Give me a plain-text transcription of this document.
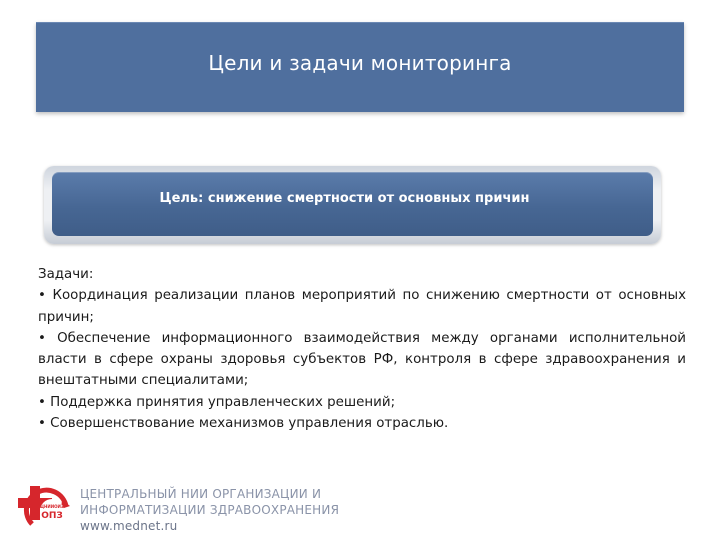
Цели и задачи мониторинга
Цель: снижение смертности от основных причин

Задачи:

• Координация реализации планов мероприятий по снижению смертности от основных причин;

• Обеспечение информационного взаимодействия между органами исполнительной власти в сфере охраны здоровья субъектов РФ, контроля в сфере здравоохранения и внештатными специалитами;

• Поддержка принятия управленческих решений;

• Совершенствование механизмов управления отраслью.

ЦНИИОИЗ
ОПЗ
ЦЕНТРАЛЬНЫЙ НИИ ОРГАНИЗАЦИИ И
ИНФОРМАТИЗАЦИИ ЗДРАВООХРАНЕНИЯ
www.mednet.ru
